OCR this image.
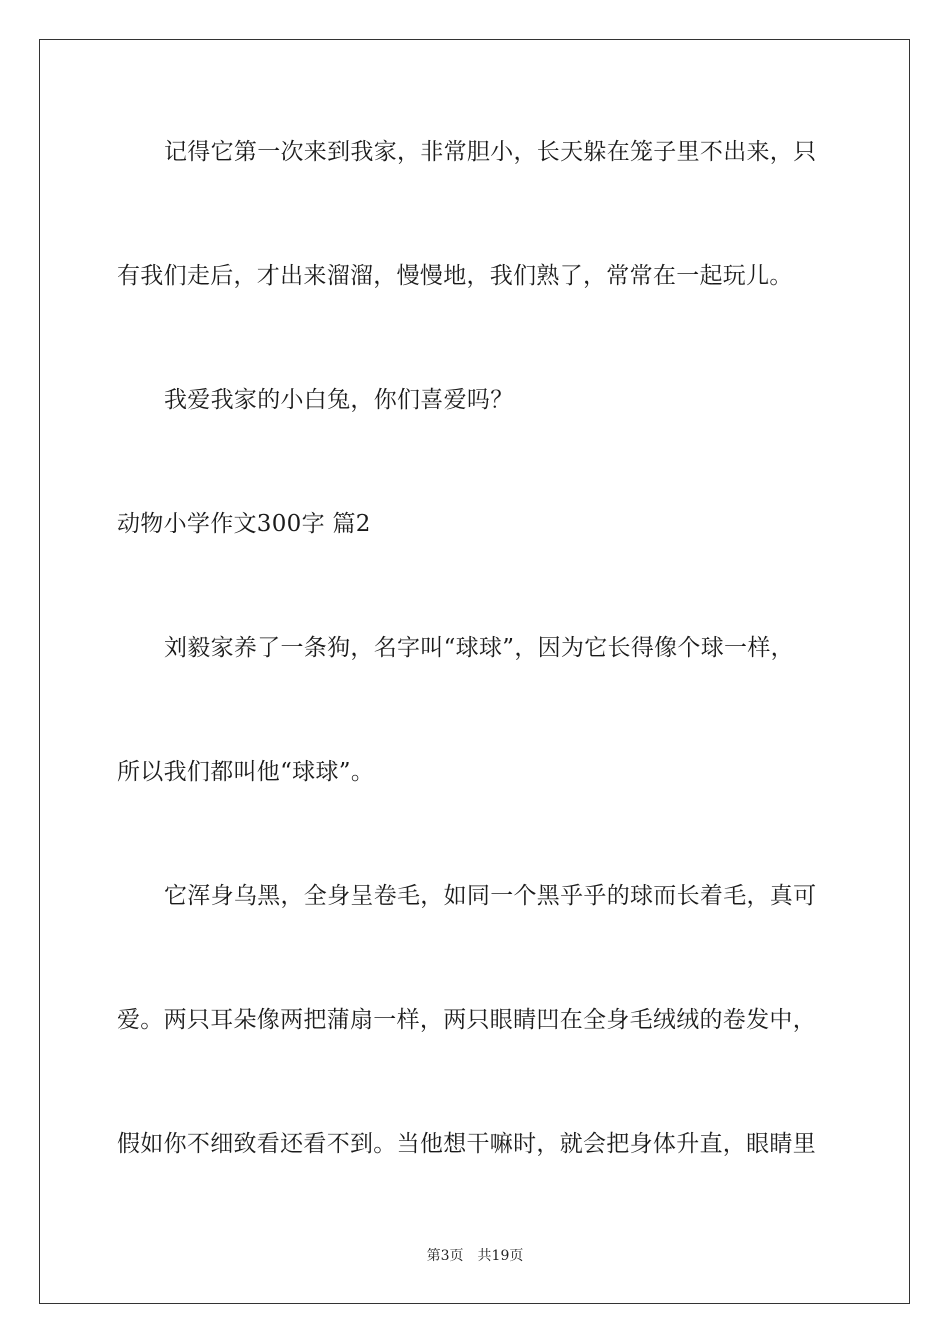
记得它第一次来到我家，非常胆小，长天躲在笼子里不出来，只
有我们走后，才出来溜溜，慢慢地，我们熟了，常常在一起玩儿。
我爱我家的小白兔，你们喜爱吗？
动物小学作文300字 篇2
刘毅家养了一条狗，名字叫“球球”，因为它长得像个球一样，
所以我们都叫他“球球”。
它浑身乌黑，全身呈卷毛，如同一个黑乎乎的球而长着毛，真可
爱。两只耳朵像两把蒲扇一样，两只眼睛凹在全身毛绒绒的卷发中，
假如你不细致看还看不到。当他想干嘛时，就会把身体升直，眼睛里
第3页 共19页
